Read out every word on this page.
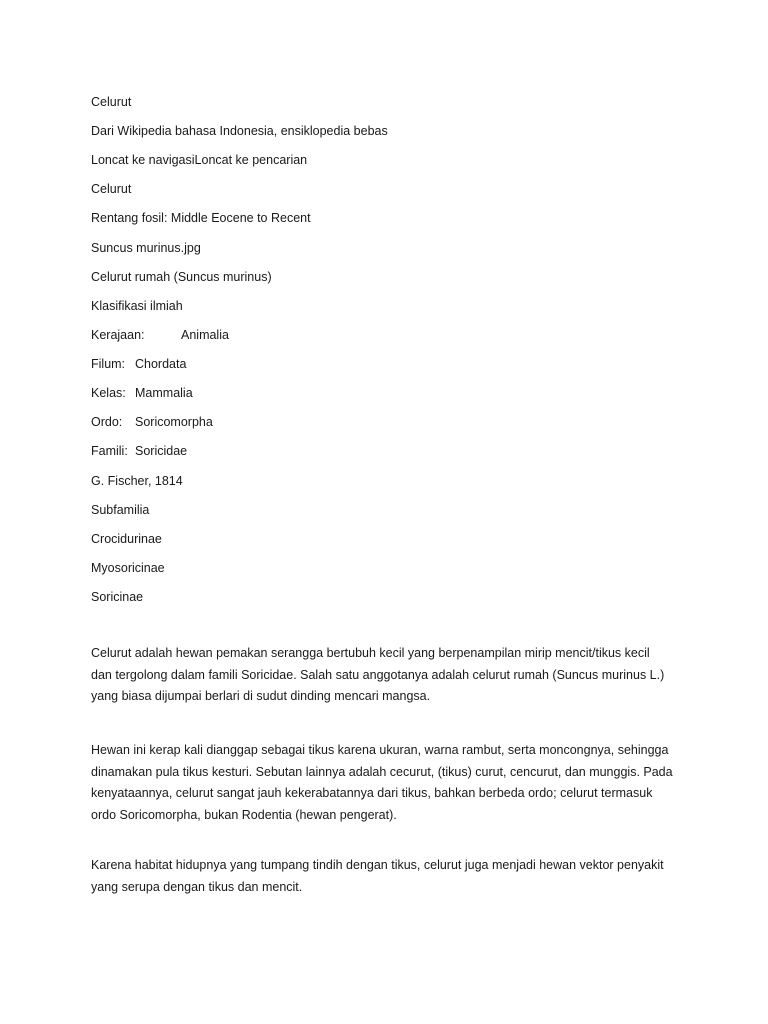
Celurut
Dari Wikipedia bahasa Indonesia, ensiklopedia bebas
Loncat ke navigasiLoncat ke pencarian
Celurut
Rentang fosil: Middle Eocene to Recent
Suncus murinus.jpg
Celurut rumah (Suncus murinus)
Klasifikasi ilmiah
Kerajaan:	Animalia
Filum: Chordata
Kelas: Mammalia
Ordo: Soricomorpha
Famili: Soricidae
G. Fischer, 1814
Subfamilia
Crocidurinae
Myosoricinae
Soricinae

Celurut adalah hewan pemakan serangga bertubuh kecil yang berpenampilan mirip mencit/tikus kecil

dan tergolong dalam famili Soricidae. Salah satu anggotanya adalah celurut rumah (Suncus murinus L.)

yang biasa dijumpai berlari di sudut dinding mencari mangsa.

Hewan ini kerap kali dianggap sebagai tikus karena ukuran, warna rambut, serta moncongnya, sehingga

dinamakan pula tikus kesturi. Sebutan lainnya adalah cecurut, (tikus) curut, cencurut, dan munggis. Pada

kenyataannya, celurut sangat jauh kekerabatannya dari tikus, bahkan berbeda ordo; celurut termasuk

ordo Soricomorpha, bukan Rodentia (hewan pengerat).

Karena habitat hidupnya yang tumpang tindih dengan tikus, celurut juga menjadi hewan vektor penyakit

yang serupa dengan tikus dan mencit.
